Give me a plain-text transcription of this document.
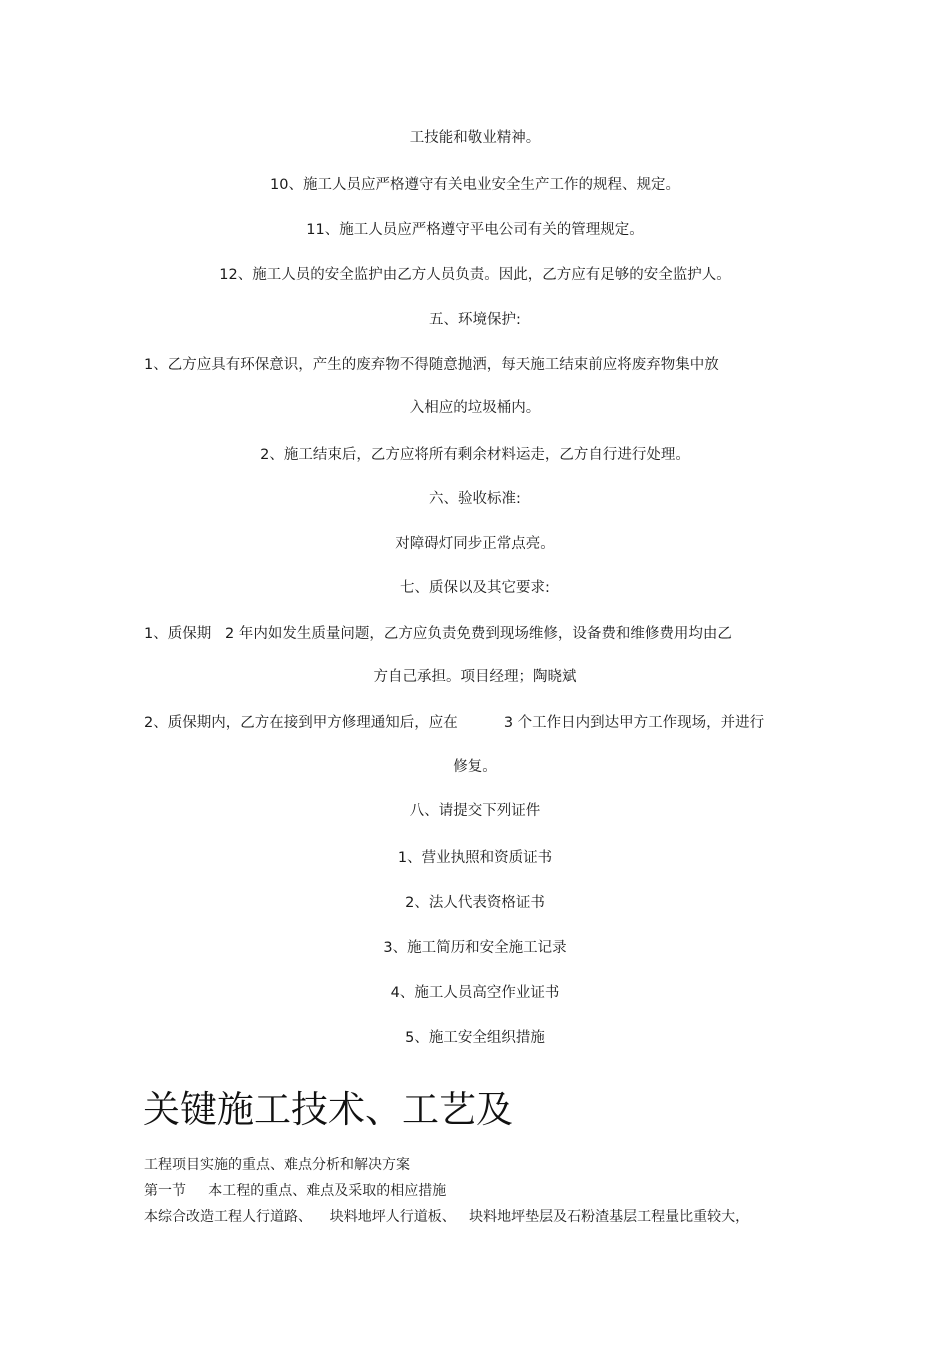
工技能和敬业精神。
10、施工人员应严格遵守有关电业安全生产工作的规程、规定。
11、施工人员应严格遵守平电公司有关的管理规定。
12、施工人员的安全监护由乙方人员负责。因此，乙方应有足够的安全监护人。
五、环境保护:
1、乙方应具有环保意识，产生的废弃物不得随意抛洒，每天施工结束前应将废弃物集中放
入相应的垃圾桶内。
2、施工结束后，乙方应将所有剩余材料运走，乙方自行进行处理。
六、验收标准:
对障碍灯同步正常点亮。
七、质保以及其它要求:
1、质保期   2 年内如发生质量问题，乙方应负责免费到现场维修，设备费和维修费用均由乙
方自己承担。项目经理；陶晓斌
2、质保期内，乙方在接到甲方修理通知后，应在          3 个工作日内到达甲方工作现场，并进行
修复。
八、请提交下列证件
1、营业执照和资质证书
2、法人代表资格证书
3、施工简历和安全施工记录
4、施工人员高空作业证书
5、施工安全组织措施
关键施工技术、工艺及
工程项目实施的重点、难点分析和解决方案
第一节     本工程的重点、难点及采取的相应措施
本综合改造工程人行道路、    块料地坪人行道板、   块料地坪垫层及石粉渣基层工程量比重较大，
